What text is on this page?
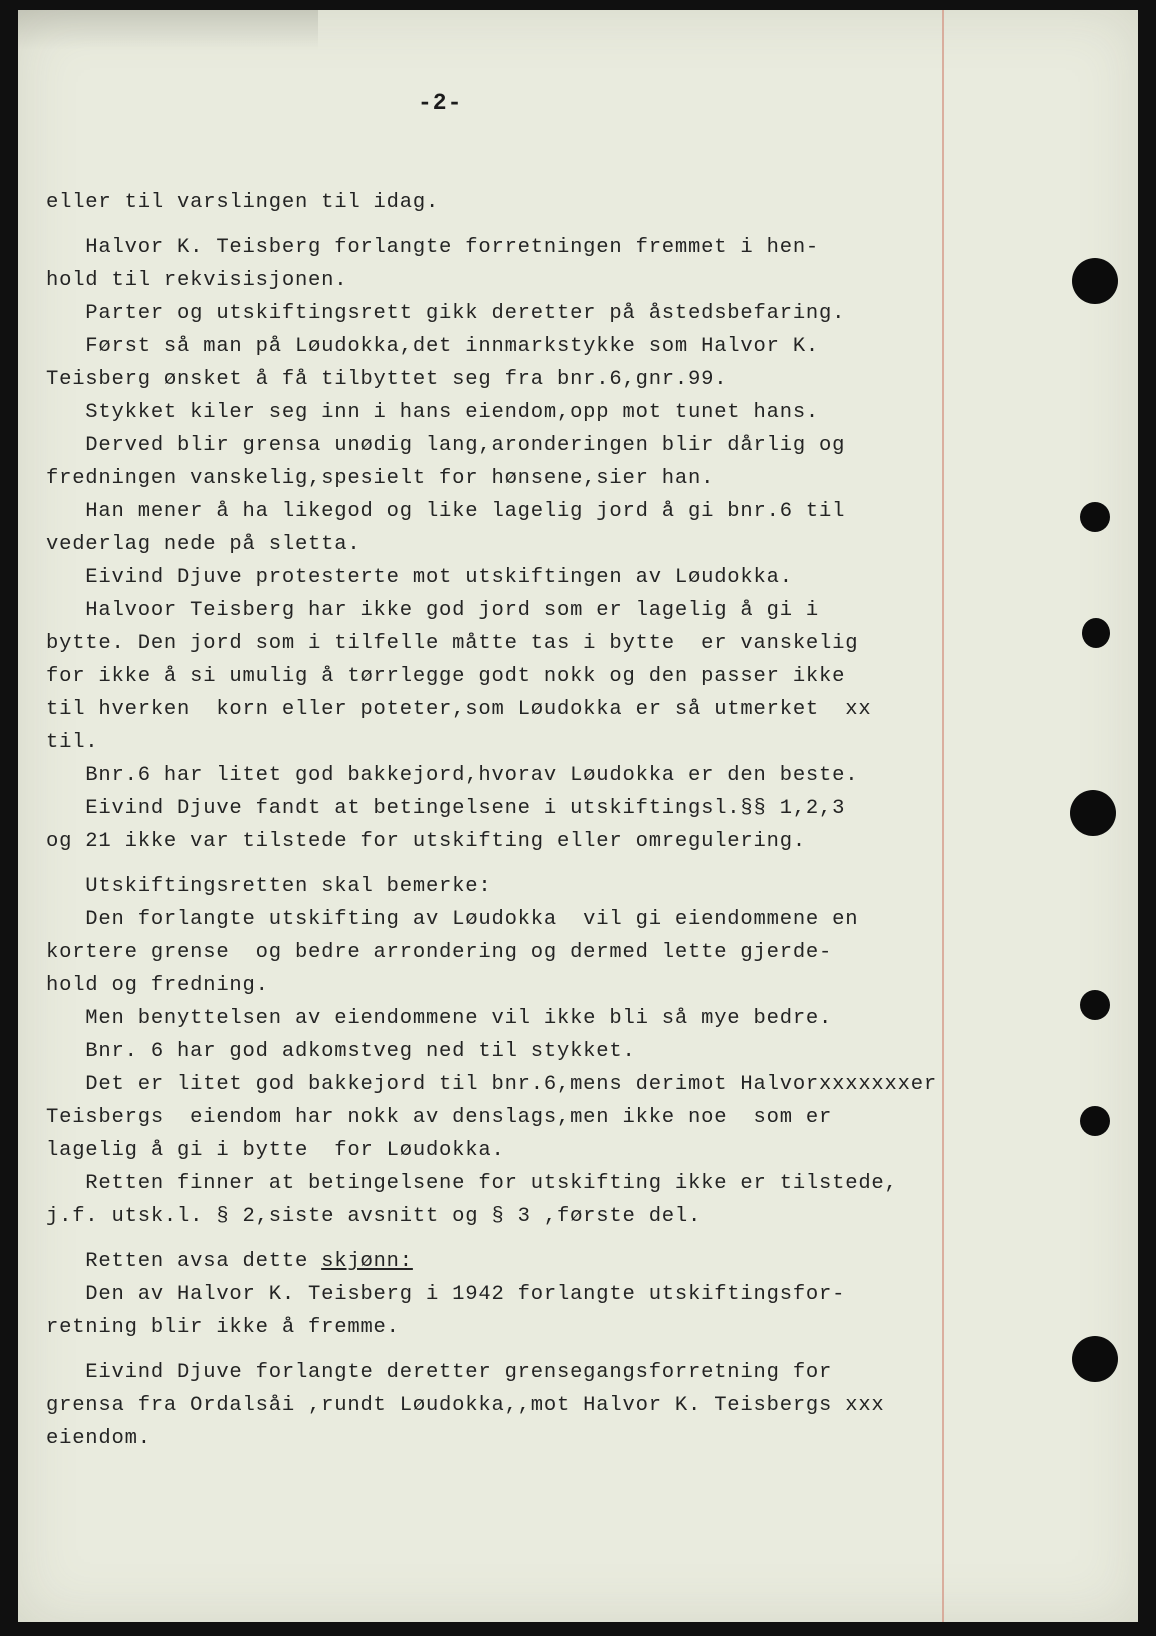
-2-
eller til varslingen til idag.
Halvor K. Teisberg forlangte forretningen fremmet i hen-
hold til rekvisisjonen.
Parter og utskiftingsrett gikk deretter på åstedsbefaring.
Først så man på Løudokka,det innmarkstykke som Halvor K.
Teisberg ønsket å få tilbyttet seg fra bnr.6,gnr.99.
Stykket kiler seg inn i hans eiendom,opp mot tunet hans.
Derved blir grensa unødig lang,aronderingen blir dårlig og
fredningen vanskelig,spesielt for hønsene,sier han.
Han mener å ha likegod og like lagelig jord å gi bnr.6 til
vederlag nede på sletta.
Eivind Djuve protesterte mot utskiftingen av Løudokka.
Halvoor Teisberg har ikke god jord som er lagelig å gi i
bytte. Den jord som i tilfelle måtte tas i bytte  er vanskelig
for ikke å si umulig å tørrlegge godt nokk og den passer ikke
til hverken  korn eller poteter,som Løudokka er så utmerket  xx
til.
Bnr.6 har litet god bakkejord,hvorav Løudokka er den beste.
Eivind Djuve fandt at betingelsene i utskiftingsl.§§ 1,2,3
og 21 ikke var tilstede for utskifting eller omregulering.
Utskiftingsretten skal bemerke:
Den forlangte utskifting av Løudokka  vil gi eiendommene en
kortere grense  og bedre arrondering og dermed lette gjerde-
hold og fredning.
Men benyttelsen av eiendommene vil ikke bli så mye bedre.
Bnr. 6 har god adkomstveg ned til stykket.
Det er litet god bakkejord til bnr.6,mens derimot Halvorxxxxxxxer
Teisbergs  eiendom har nokk av denslags,men ikke noe  som er
lagelig å gi i bytte  for Løudokka.
Retten finner at betingelsene for utskifting ikke er tilstede,
j.f. utsk.l. § 2,siste avsnitt og § 3 ,første del.
Retten avsa dette skjønn:
Den av Halvor K. Teisberg i 1942 forlangte utskiftingsfor-
retning blir ikke å fremme.
Eivind Djuve forlangte deretter grensegangsforretning for
grensa fra Ordalsåi ,rundt Løudokka,,mot Halvor K. Teisbergs xxx
eiendom.
